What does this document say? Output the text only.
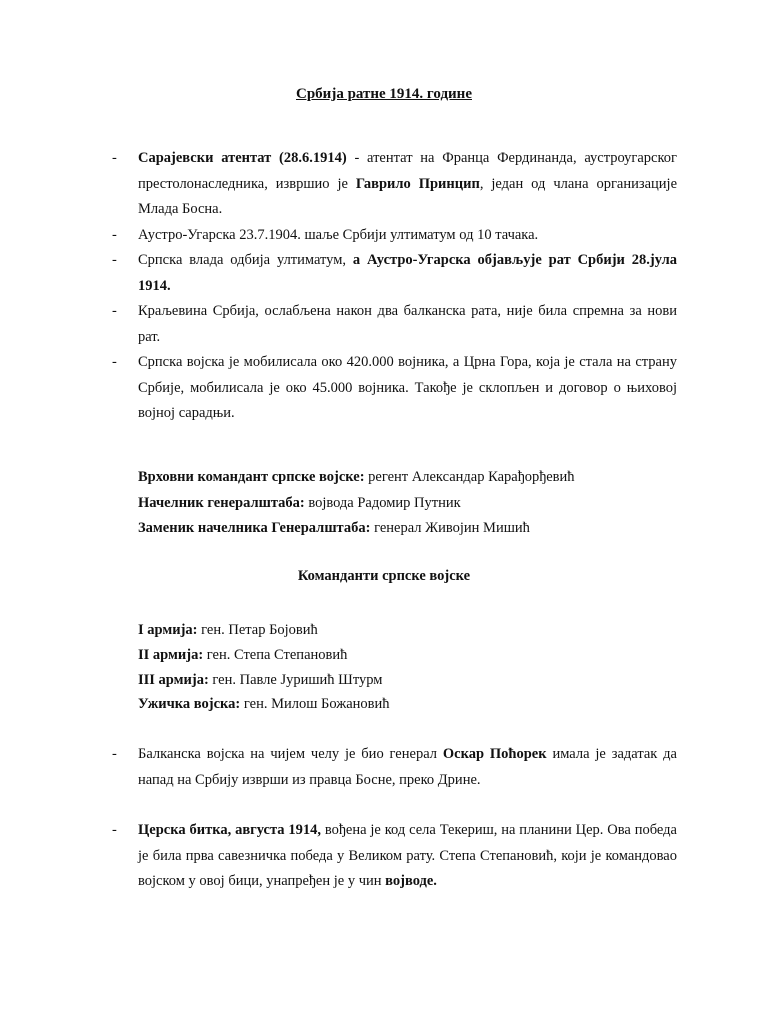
Србија ратне 1914. године
- Сарајевски атентат (28.6.1914) - атентат на Франца Фердинанда, аустроугарског престолонаследника, извршио је Гаврило Принцип, један од члана организације Млада Босна.
- Аустро-Угарска 23.7.1904. шаље Србији ултиматум од 10 тачака.
- Српска влада одбија ултиматум, а Аустро-Угарска објављује рат Србији 28.јула 1914.
- Краљевина Србија, ослабљена након два балканска рата, није била спремна за нови рат.
- Српска војска је мобилисала око 420.000 војника, а Црна Гора, која је стала на страну Србије, мобилисала је око 45.000 војника. Такође је склопљен и договор о њиховој војној сарадњи.
Врховни командант српске војске: регент Александар Карађорђевић
Начелник генералштаба: војвода Радомир Путник
Заменик начелника Генералштаба: генерал Живојин Мишић
Команданти српске војске
I армија: ген. Петар Бојовић
II армија: ген. Степа Степановић
III армија: ген. Павле Јуришић Штурм
Ужичка војска: ген. Милош Божановић
- Балканска војска на чијем челу је био генерал Оскар Поћорек имала је задатак да напад на Србију изврши из правца Босне, преко Дрине.
- Церска битка, августа 1914, вођена је код села Текериш, на планини Цер. Ова победа је била прва савезничка победа у Великом рату. Степа Степановић, који је командовао војском у овој бици, унапређен је у чин војводе.
